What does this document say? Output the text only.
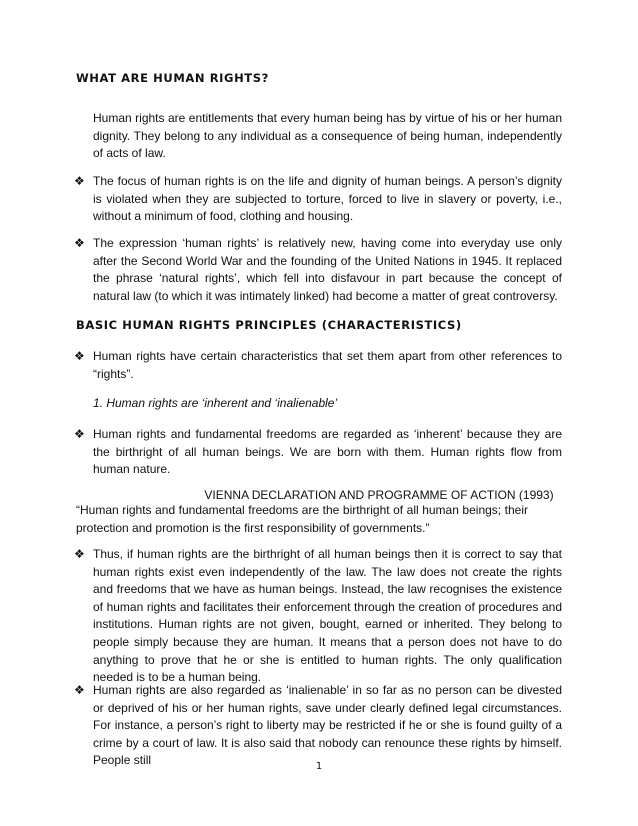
WHAT ARE HUMAN RIGHTS?

Human rights are entitlements that every human being has by virtue of his or her human dignity. They belong to any individual as a consequence of being human, independently of acts of law.

❖ The focus of human rights is on the life and dignity of human beings. A person’s dignity is violated when they are subjected to torture, forced to live in slavery or poverty, i.e., without a minimum of food, clothing and housing.

❖ The expression ‘human rights’ is relatively new, having come into everyday use only after the Second World War and the founding of the United Nations in 1945. It replaced the phrase ‘natural rights’, which fell into disfavour in part because the concept of natural law (to which it was intimately linked) had become a matter of great controversy.

BASIC HUMAN RIGHTS PRINCIPLES (CHARACTERISTICS)
❖ Human rights have certain characteristics that set them apart from other references to “rights”.

1. Human rights are ‘inherent and ‘inalienable’

❖ Human rights and fundamental freedoms are regarded as ‘inherent’ because they are the birthright of all human beings. We are born with them. Human rights flow from human nature.

VIENNA DECLARATION AND PROGRAMME OF ACTION (1993)

“Human rights and fundamental freedoms are the birthright of all human beings; their protection and promotion is the first responsibility of governments.”

❖ Thus, if human rights are the birthright of all human beings then it is correct to say that human rights exist even independently of the law. The law does not create the rights and freedoms that we have as human beings. Instead, the law recognises the existence of human rights and facilitates their enforcement through the creation of procedures and institutions. Human rights are not given, bought, earned or inherited. They belong to people simply because they are human. It means that a person does not have to do anything to prove that he or she is entitled to human rights. The only qualification needed is to be a human being.

❖ Human rights are also regarded as ‘inalienable’ in so far as no person can be divested or deprived of his or her human rights, save under clearly defined legal circumstances. For instance, a person’s right to liberty may be restricted if he or she is found guilty of a crime by a court of law. It is also said that nobody can renounce these rights by himself. People still	1
